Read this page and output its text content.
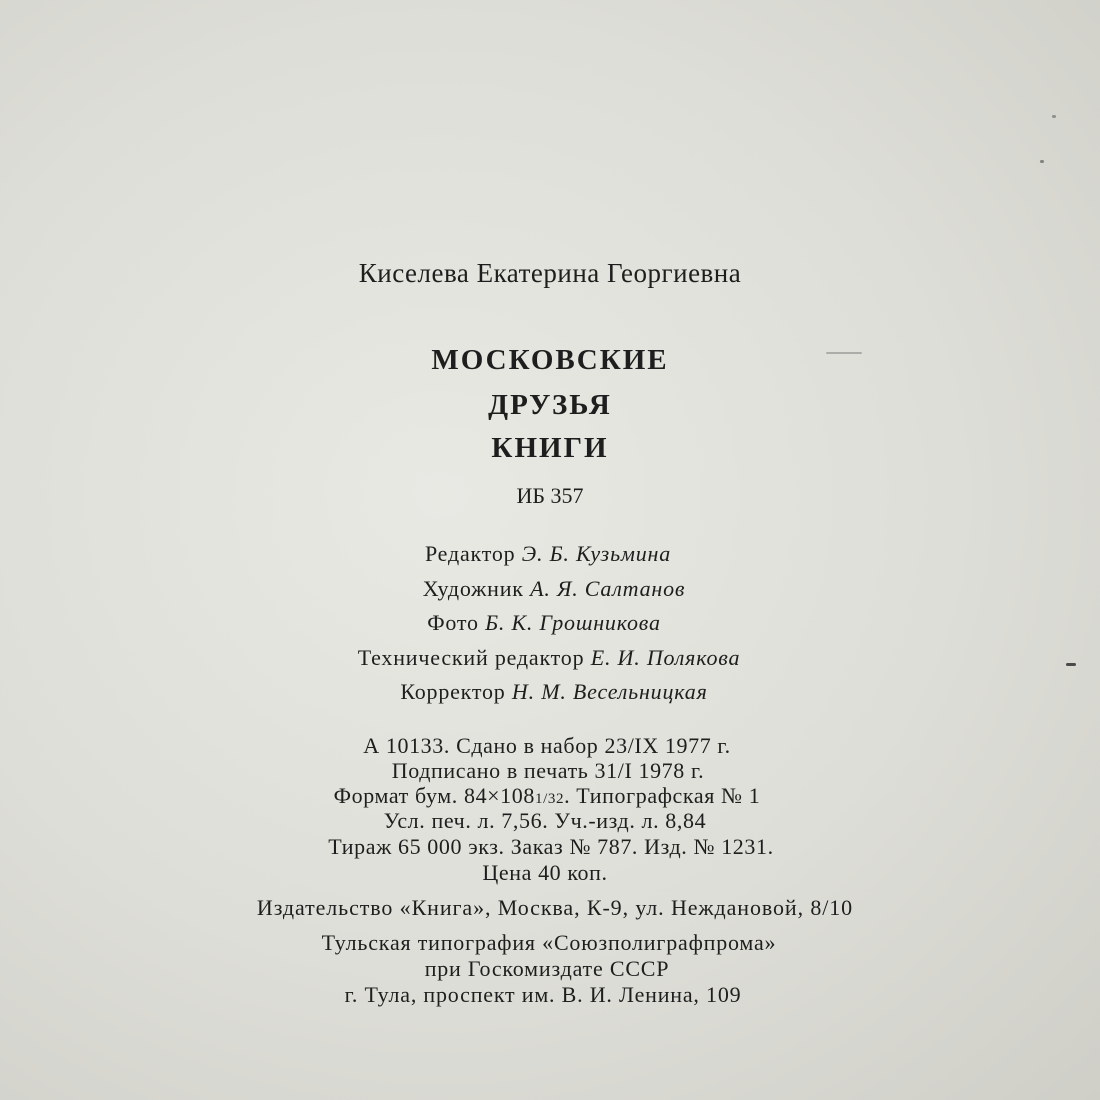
Киселева Екатерина Георгиевна
МОСКОВСКИЕ
ДРУЗЬЯ
КНИГИ
ИБ 357
Редактор Э. Б. Кузьмина
Художник А. Я. Салтанов
Фото Б. К. Грошникова
Технический редактор Е. И. Полякова
Корректор Н. М. Весельницкая
А 10133. Сдано в набор 23/IX 1977 г.
Подписано в печать 31/I 1978 г.
Формат бум. 84×1081/32. Типографская № 1
Усл. печ. л. 7,56. Уч.-изд. л. 8,84
Тираж 65 000 экз. Заказ № 787. Изд. № 1231.
Цена 40 коп.
Издательство «Книга», Москва, К-9, ул. Неждановой, 8/10
Тульская типография «Союзполиграфпрома»
при Госкомиздате СССР
г. Тула, проспект им. В. И. Ленина, 109
